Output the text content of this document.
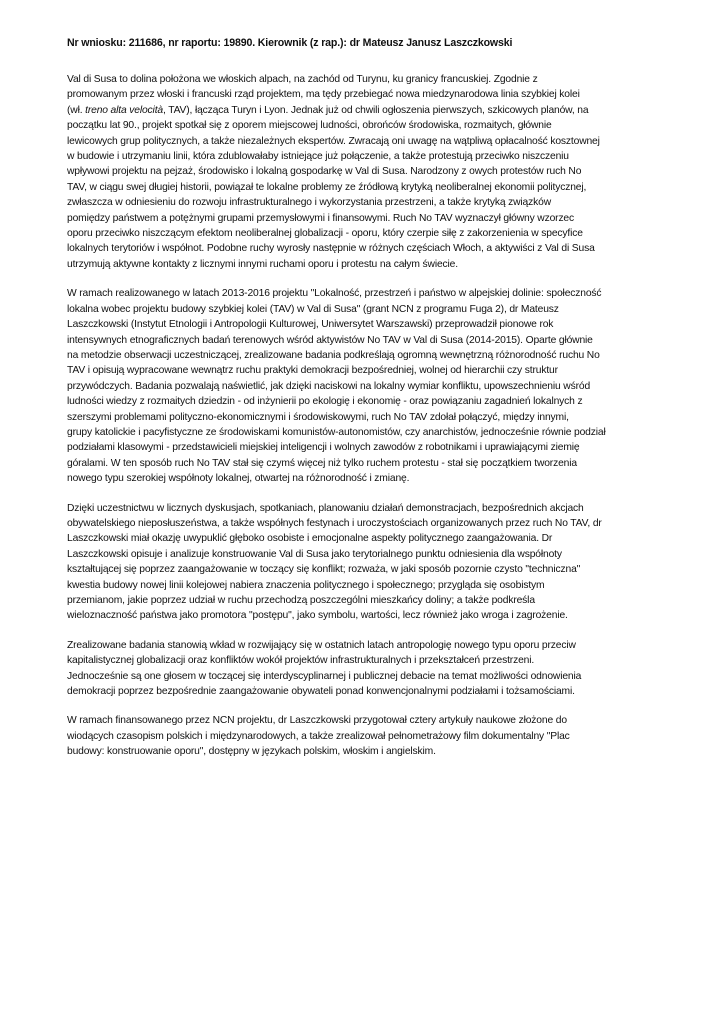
Nr wniosku: 211686, nr raportu: 19890. Kierownik (z rap.): dr Mateusz Janusz Laszczkowski

Val di Susa to dolina położona we włoskich alpach, na zachód od Turynu, ku granicy francuskiej. Zgodnie z
promowanym przez włoski i francuski rząd projektem, ma tędy przebiegać nowa miedzynarodowa linia szybkiej kolei
(wł. treno alta velocità, TAV), łącząca Turyn i Lyon. Jednak już od chwili ogłoszenia pierwszych, szkicowych planów, na
początku lat 90., projekt spotkał się z oporem miejscowej ludności, obrońców środowiska, rozmaitych, głównie
lewicowych grup politycznych, a także niezależnych ekspertów. Zwracają oni uwagę na wątpliwą opłacalność kosztownej
w budowie i utrzymaniu linii, która zdublowałaby istniejące już połączenie, a także protestują przeciwko niszczeniu
wpływowi projektu na pejzaż, środowisko i lokalną gospodarkę w Val di Susa. Narodzony z owych protestów ruch No
TAV, w ciągu swej długiej historii, powiązał te lokalne problemy ze źródłową krytyką neoliberalnej ekonomii politycznej,
zwłaszcza w odniesieniu do rozwoju infrastrukturalnego i wykorzystania przestrzeni, a także krytyką związków
pomiędzy państwem a potężnymi grupami przemysłowymi i finansowymi. Ruch No TAV wyznaczył główny wzorzec
oporu przeciwko niszczącym efektom neoliberalnej globalizacji - oporu, który czerpie siłę z zakorzenienia w specyfice
lokalnych terytoriów i współnot. Podobne ruchy wyrosły następnie w różnych częściach Włoch, a aktywiści z Val di Susa
utrzymują aktywne kontakty z licznymi innymi ruchami oporu i protestu na całym świecie.

W ramach realizowanego w latach 2013-2016 projektu "Lokalność, przestrzeń i państwo w alpejskiej dolinie: społeczność
lokalna wobec projektu budowy szybkiej kolei (TAV) w Val di Susa" (grant NCN z programu Fuga 2), dr Mateusz
Laszczkowski (Instytut Etnologii i Antropologii Kulturowej, Uniwersytet Warszawski) przeprowadził pionowe rok
intensywnych etnograficznych badań terenowych wśród aktywistów No TAV w Val di Susa (2014-2015). Oparte głównie
na metodzie obserwacji uczestniczącej, zrealizowane badania podkreślają ogromną wewnętrzną różnorodność ruchu No
TAV i opisują wypracowane wewnątrz ruchu praktyki demokracji bezpośredniej, wolnej od hierarchii czy struktur
przywódczych. Badania pozwalają naświetlić, jak dzięki naciskowi na lokalny wymiar konfliktu, upowszechnieniu wśród
ludności wiedzy z rozmaitych dziedzin - od inżynierii po ekologię i ekonomię - oraz powiązaniu zagadnień lokalnych z
szerszymi problemami polityczno-ekonomicznymi i środowiskowymi, ruch No TAV zdołał połączyć, między innymi,
grupy katolickie i pacyfistyczne ze środowiskami komunistów-autonomistów, czy anarchistów, jednocześnie równie podział
podziałami klasowymi - przedstawicieli miejskiej inteligencji i wolnych zawodów z robotnikami i uprawiającymi ziemię
góralami. W ten sposób ruch No TAV stał się czymś więcej niż tylko ruchem protestu - stał się początkiem tworzenia
nowego typu szerokiej współnoty lokalnej, otwartej na różnorodność i zmianę.

Dzięki uczestnictwu w licznych dyskusjach, spotkaniach, planowaniu działań demonstracjach, bezpośrednich akcjach
obywatelskiego nieposłuszeństwa, a także współnych festynach i uroczystościach organizowanych przez ruch No TAV, dr
Laszczkowski miał okazję uwypuklić głęboko osobiste i emocjonalne aspekty politycznego zaangażowania. Dr
Laszczkowski opisuje i analizuje konstruowanie Val di Susa jako terytorialnego punktu odniesienia dla współnoty
kształtującej się poprzez zaangażowanie w toczący się konflikt; rozważa, w jaki sposób pozornie czysto "techniczna"
kwestia budowy nowej linii kolejowej nabiera znaczenia politycznego i społecznego; przygląda się osobistym
przemianom, jakie poprzez udział w ruchu przechodzą poszczególni mieszkańcy doliny; a także podkreśla
wieloznaczność państwa jako promotora "postępu", jako symbolu, wartości, lecz również jako wroga i zagrożenie.

Zrealizowane badania stanowią wkład w rozwijający się w ostatnich latach antropologię nowego typu oporu przeciw
kapitalistycznej globalizacji oraz konfliktów wokół projektów infrastrukturalnych i przekształceń przestrzeni.
Jednocześnie są one głosem w toczącej się interdyscyplinarnej i publicznej debacie na temat możliwości odnowienia
demokracji poprzez bezpośrednie zaangażowanie obywateli ponad konwencjonalnymi podziałami i tożsamościami.

W ramach finansowanego przez NCN projektu, dr Laszczkowski przygotował cztery artykuły naukowe złożone do
wiodących czasopism polskich i międzynarodowych, a także zrealizował pełnometrażowy film dokumentalny "Plac
budowy: konstruowanie oporu", dostępny w językach polskim, włoskim i angielskim.
